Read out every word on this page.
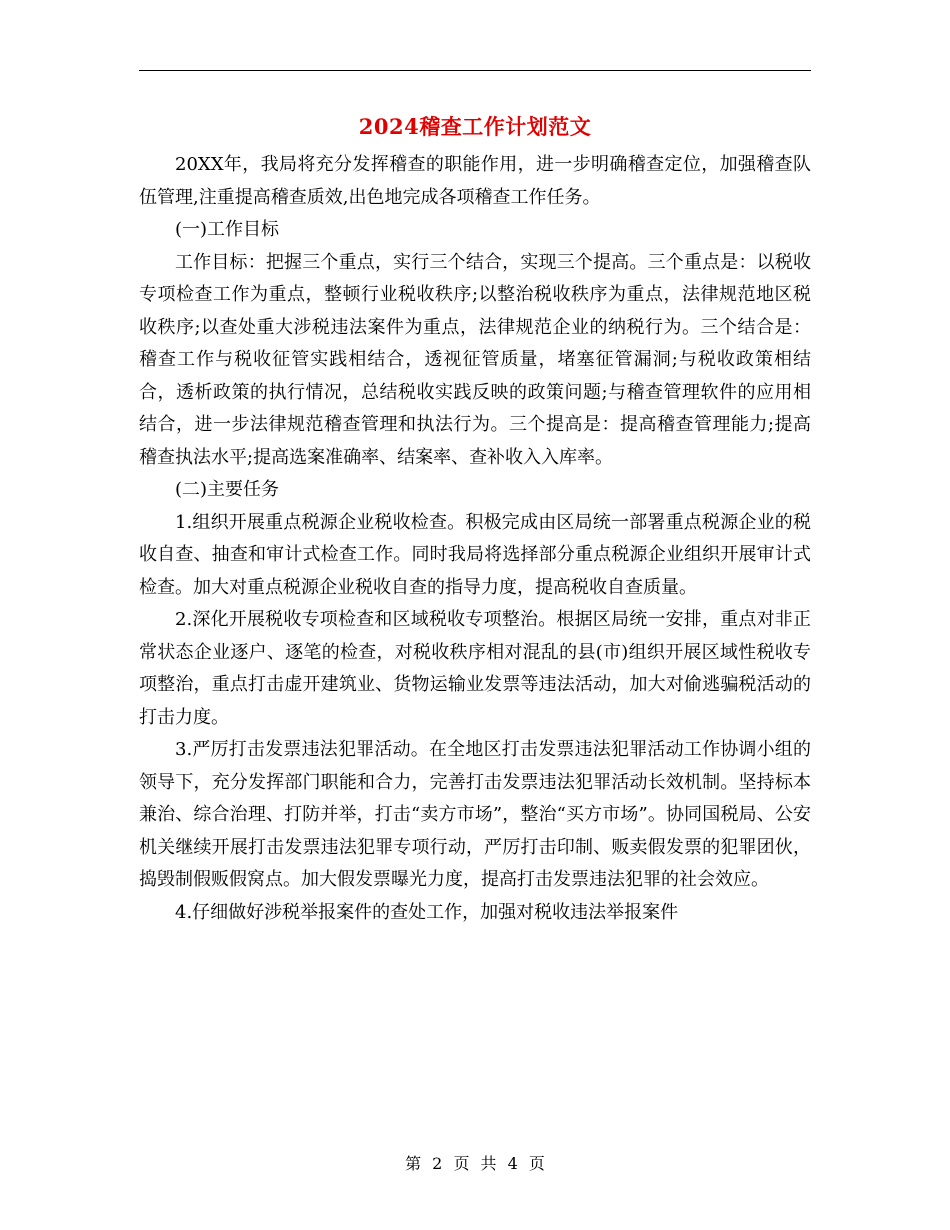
2024稽查工作计划范文

20XX年，我局将充分发挥稽查的职能作用，进一步明确稽查定位，加强稽查队伍管理,注重提高稽查质效,出色地完成各项稽查工作任务。

(一)工作目标

工作目标：把握三个重点，实行三个结合，实现三个提高。三个重点是：以税收专项检查工作为重点，整顿行业税收秩序;以整治税收秩序为重点，法律规范地区税收秩序;以查处重大涉税违法案件为重点，法律规范企业的纳税行为。三个结合是：稽查工作与税收征管实践相结合，透视征管质量，堵塞征管漏洞;与税收政策相结合，透析政策的执行情况，总结税收实践反映的政策问题;与稽查管理软件的应用相结合，进一步法律规范稽查管理和执法行为。三个提高是：提高稽查管理能力;提高稽查执法水平;提高选案准确率、结案率、查补收入入库率。

(二)主要任务

1.组织开展重点税源企业税收检查。积极完成由区局统一部署重点税源企业的税收自查、抽查和审计式检查工作。同时我局将选择部分重点税源企业组织开展审计式检查。加大对重点税源企业税收自查的指导力度，提高税收自查质量。

2.深化开展税收专项检查和区域税收专项整治。根据区局统一安排，重点对非正常状态企业逐户、逐笔的检查，对税收秩序相对混乱的县(市)组织开展区域性税收专项整治，重点打击虚开建筑业、货物运输业发票等违法活动，加大对偷逃骗税活动的打击力度。

3.严厉打击发票违法犯罪活动。在全地区打击发票违法犯罪活动工作协调小组的领导下，充分发挥部门职能和合力，完善打击发票违法犯罪活动长效机制。坚持标本兼治、综合治理、打防并举，打击“卖方市场”，整治“买方市场”。协同国税局、公安机关继续开展打击发票违法犯罪专项行动，严厉打击印制、贩卖假发票的犯罪团伙，捣毁制假贩假窝点。加大假发票曝光力度，提高打击发票违法犯罪的社会效应。

4.仔细做好涉税举报案件的查处工作，加强对税收违法举报案件

第 2 页 共 4 页
